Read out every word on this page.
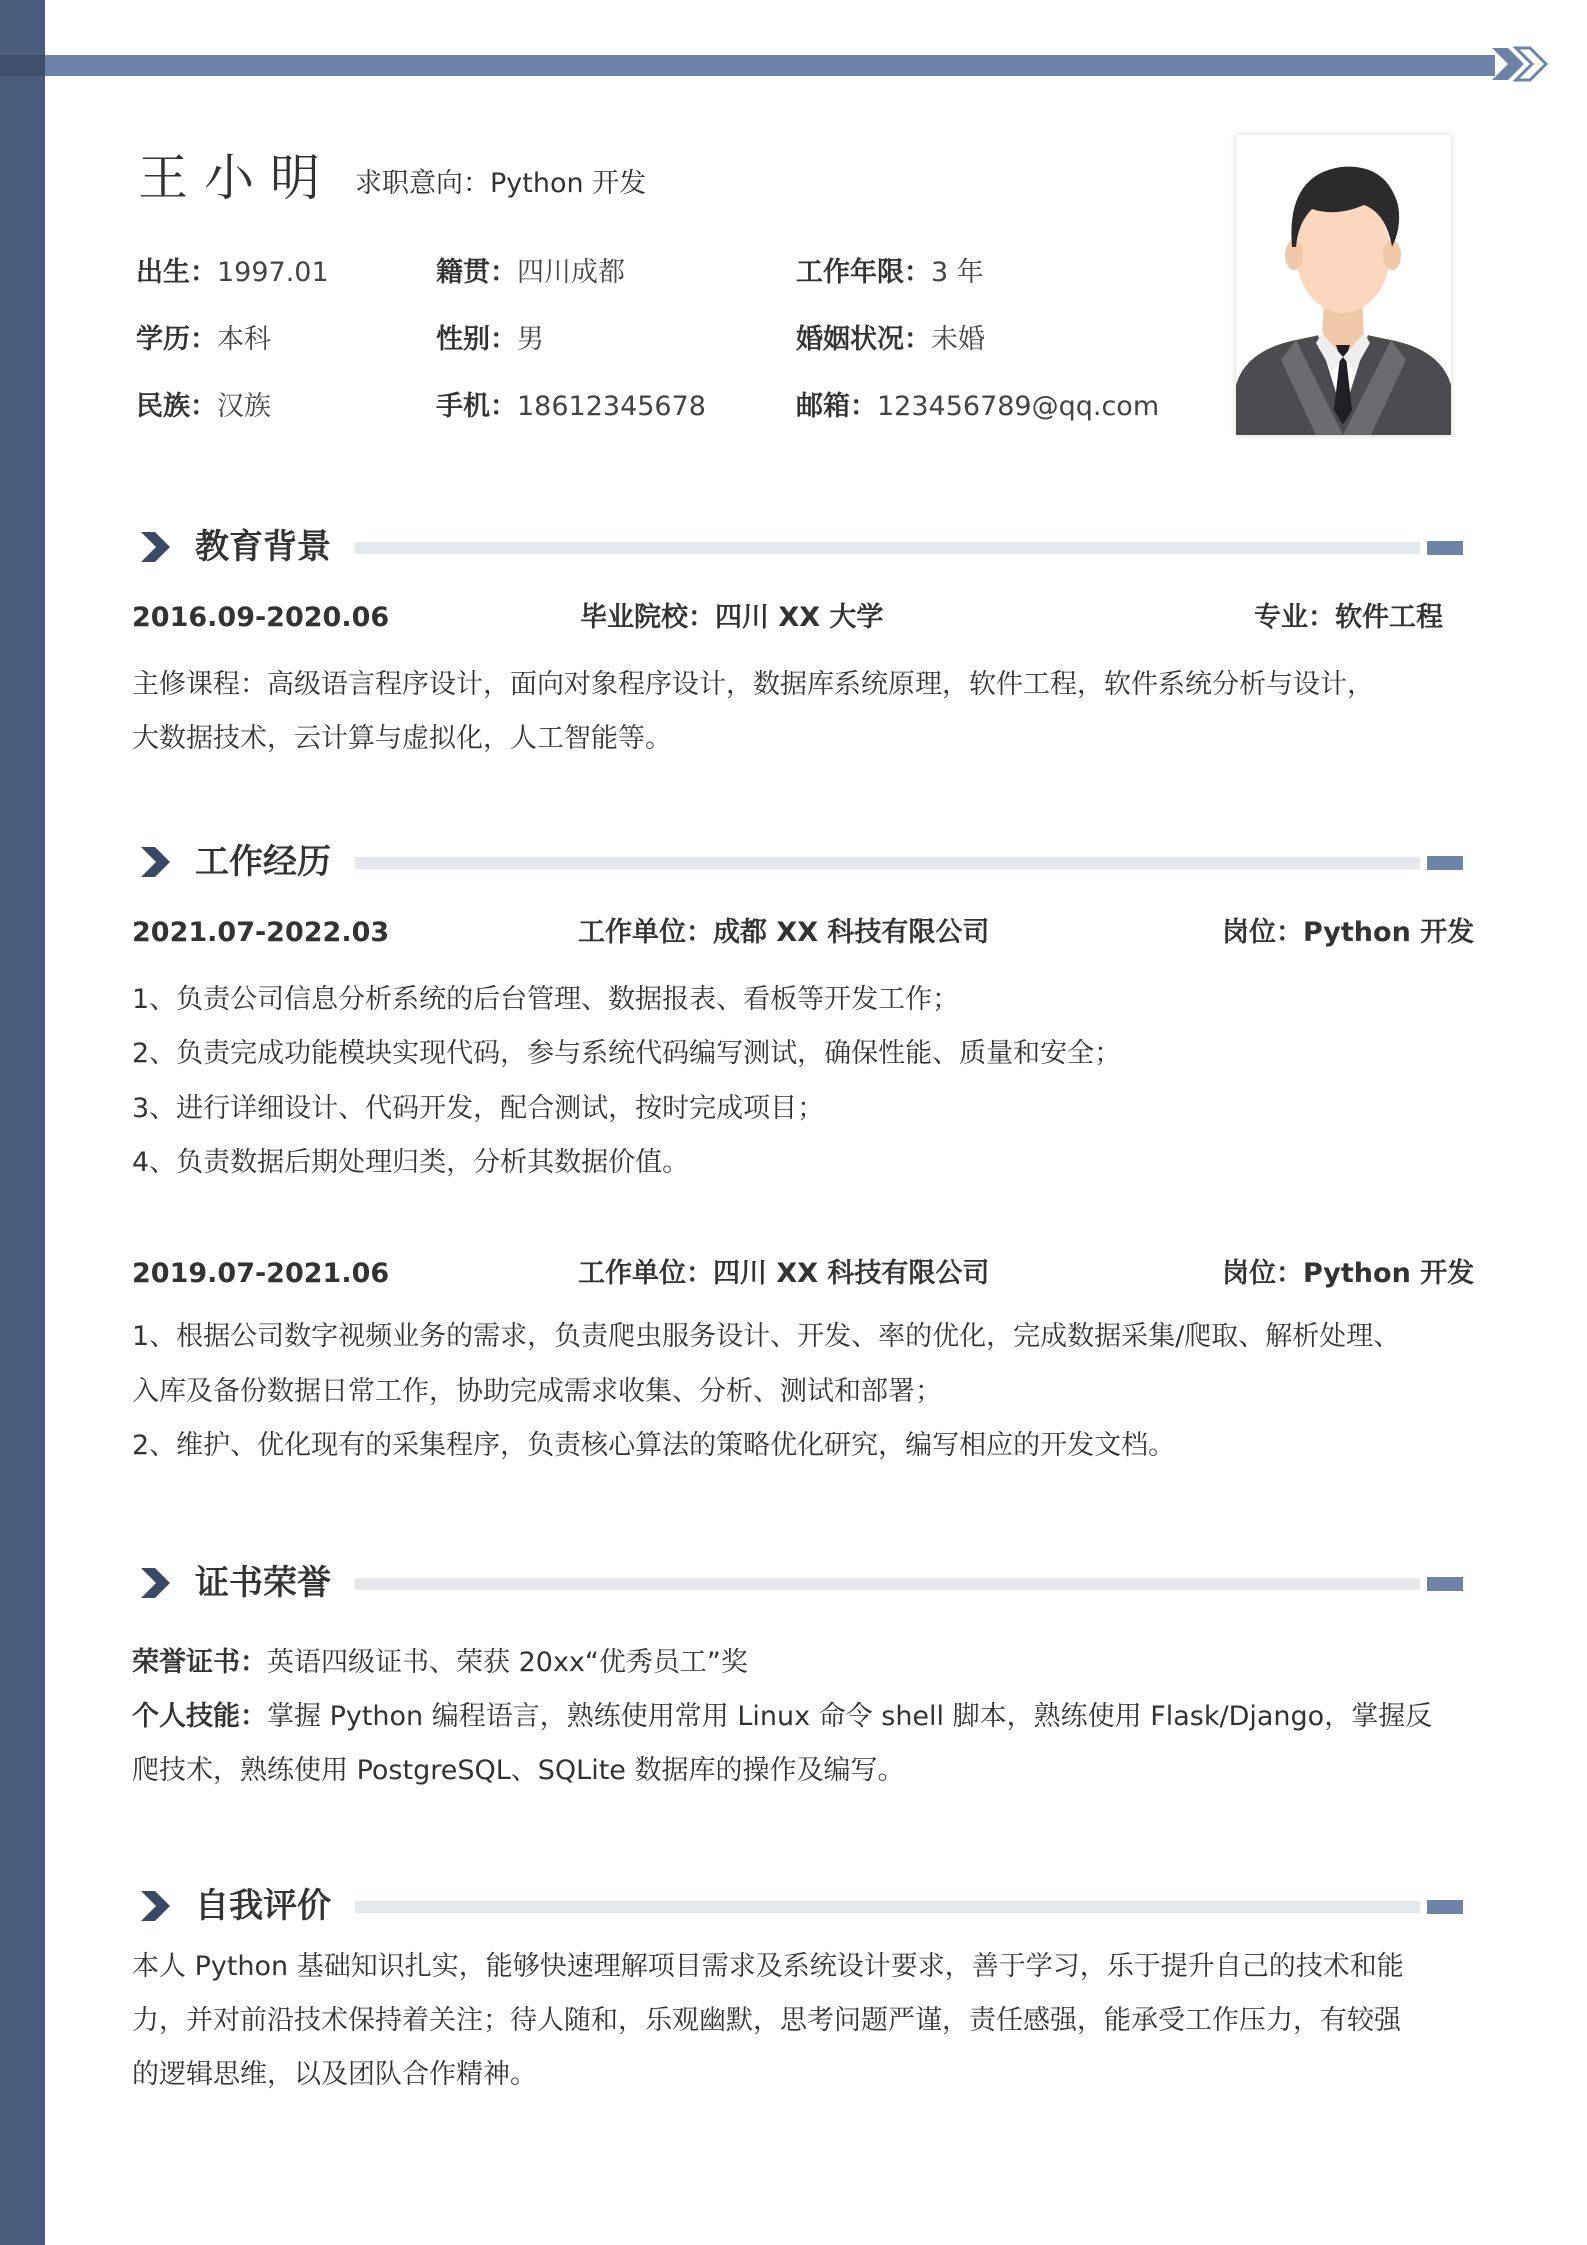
王小明 求职意向：Python 开发
出生：1997.01	籍贯：四川成都	工作年限：3 年
学历：本科	性别：男	婚姻状况：未婚
民族：汉族	手机：18612345678	邮箱：123456789@qq.com
教育背景
2016.09-2020.06	毕业院校：四川 XX 大学	专业：软件工程
主修课程：高级语言程序设计，面向对象程序设计，数据库系统原理，软件工程，软件系统分析与设计，
大数据技术，云计算与虚拟化，人工智能等。
工作经历
2021.07-2022.03	工作单位：成都 XX 科技有限公司	岗位：Python 开发
1、负责公司信息分析系统的后台管理、数据报表、看板等开发工作；
2、负责完成功能模块实现代码，参与系统代码编写测试，确保性能、质量和安全；
3、进行详细设计、代码开发，配合测试，按时完成项目；
4、负责数据后期处理归类，分析其数据价值。
2019.07-2021.06	工作单位：四川 XX 科技有限公司	岗位：Python 开发
1、根据公司数字视频业务的需求，负责爬虫服务设计、开发、率的优化，完成数据采集/爬取、解析处理、
入库及备份数据日常工作，协助完成需求收集、分析、测试和部署；
2、维护、优化现有的采集程序，负责核心算法的策略优化研究，编写相应的开发文档。
证书荣誉
荣誉证书：英语四级证书、荣获 20xx“优秀员工”奖
个人技能：掌握 Python 编程语言，熟练使用常用 Linux 命令 shell 脚本，熟练使用 Flask/Django，掌握反
爬技术，熟练使用 PostgreSQL、SQLite 数据库的操作及编写。
自我评价
本人 Python 基础知识扎实，能够快速理解项目需求及系统设计要求，善于学习，乐于提升自己的技术和能
力，并对前沿技术保持着关注；待人随和，乐观幽默，思考问题严谨，责任感强，能承受工作压力，有较强
的逻辑思维，以及团队合作精神。
